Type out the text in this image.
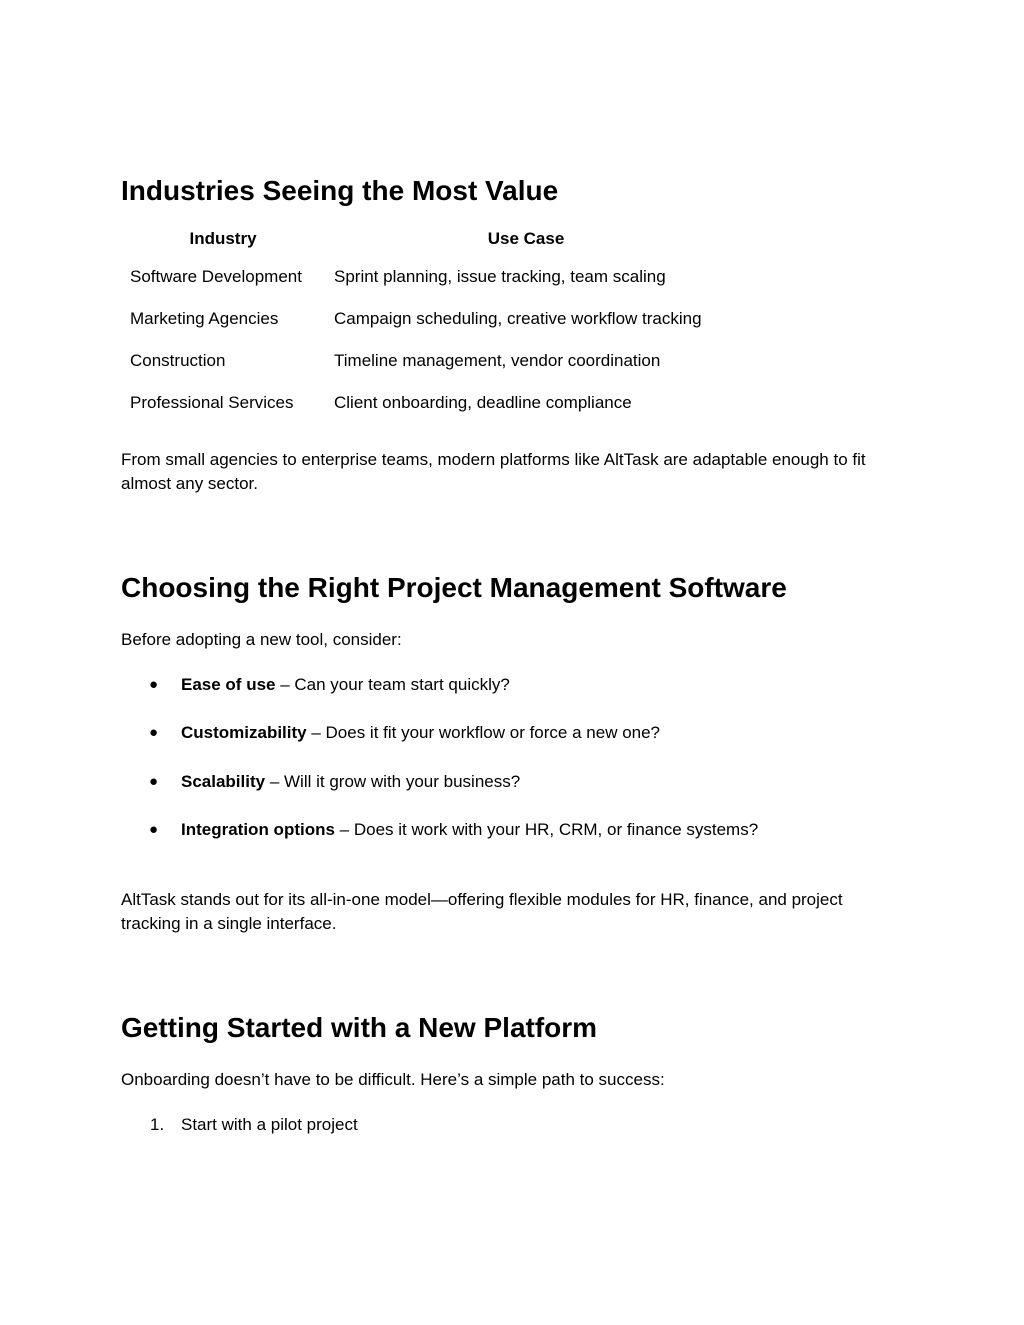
Industries Seeing the Most Value
Industry	Use Case
Software Development	Sprint planning, issue tracking, team scaling
Marketing Agencies	Campaign scheduling, creative workflow tracking
Construction	Timeline management, vendor coordination
Professional Services	Client onboarding, deadline compliance

From small agencies to enterprise teams, modern platforms like AltTask are adaptable enough to fit almost any sector.

Choosing the Right Project Management Software

Before adopting a new tool, consider:

● Ease of use – Can your team start quickly?
● Customizability – Does it fit your workflow or force a new one?
● Scalability – Will it grow with your business?
● Integration options – Does it work with your HR, CRM, or finance systems?

AltTask stands out for its all-in-one model—offering flexible modules for HR, finance, and project tracking in a single interface.

Getting Started with a New Platform

Onboarding doesn’t have to be difficult. Here’s a simple path to success:

1. Start with a pilot project
